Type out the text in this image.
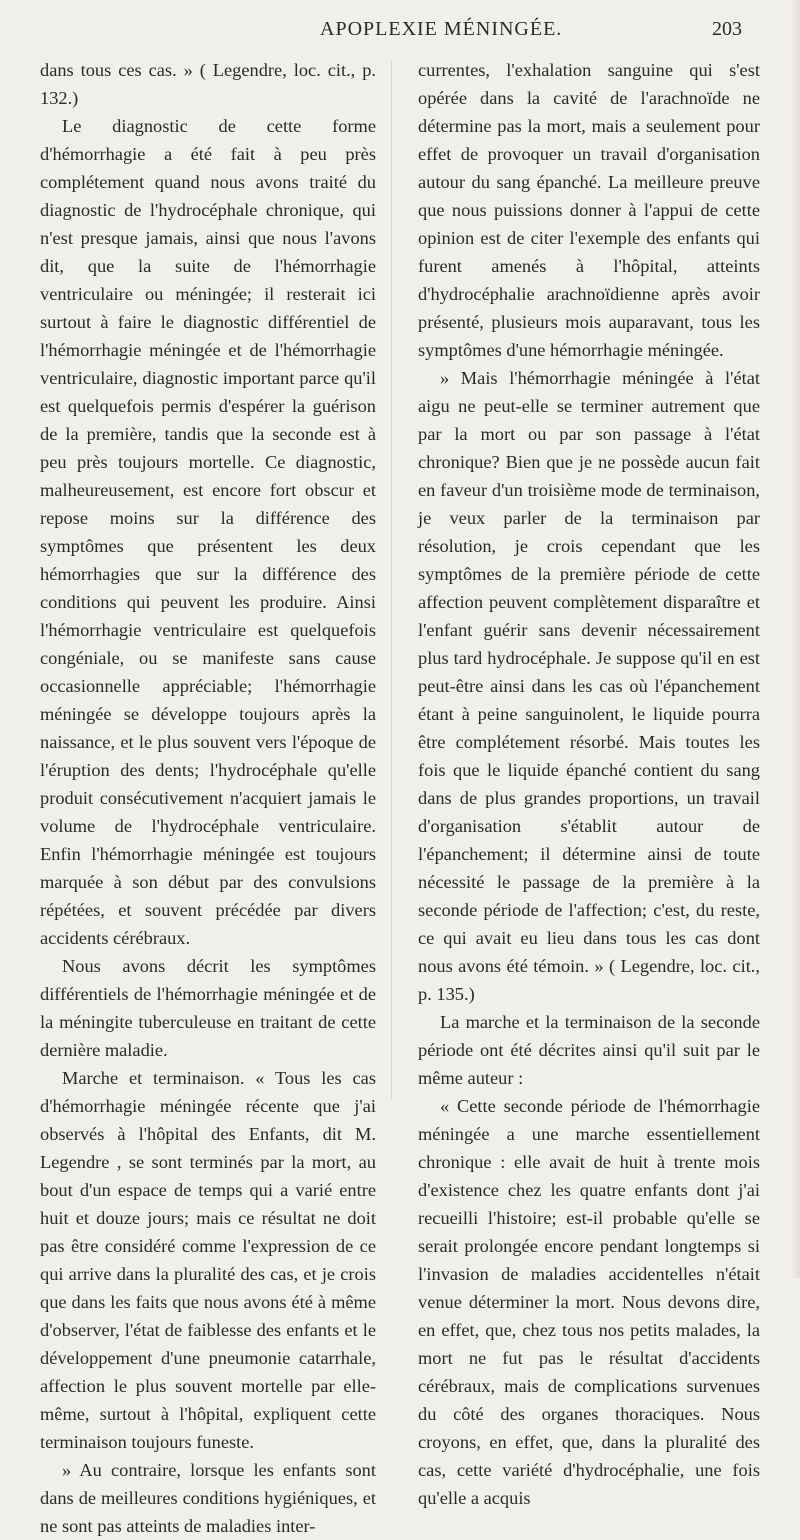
APOPLEXIE MÉNINGÉE.	203

dans tous ces cas. » ( Legendre, loc. cit., p. 132.)

Le diagnostic de cette forme d'hémorrhagie a été fait à peu près complétement quand nous avons traité du diagnostic de l'hydrocéphale chronique, qui n'est presque jamais, ainsi que nous l'avons dit, que la suite de l'hémorrhagie ventriculaire ou méningée; il resterait ici surtout à faire le diagnostic différentiel de l'hémorrhagie méningée et de l'hémorrhagie ventriculaire, diagnostic important parce qu'il est quelquefois permis d'espérer la guérison de la première, tandis que la seconde est à peu près toujours mortelle. Ce diagnostic, malheureusement, est encore fort obscur et repose moins sur la différence des symptômes que présentent les deux hémorrhagies que sur la différence des conditions qui peuvent les produire. Ainsi l'hémorrhagie ventriculaire est quelquefois congéniale, ou se manifeste sans cause occasionnelle appréciable; l'hémorrhagie méningée se développe toujours après la naissance, et le plus souvent vers l'époque de l'éruption des dents; l'hydrocéphale qu'elle produit consécutivement n'acquiert jamais le volume de l'hydrocéphale ventriculaire. Enfin l'hémorrhagie méningée est toujours marquée à son début par des convulsions répétées, et souvent précédée par divers accidents cérébraux.

Nous avons décrit les symptômes différentiels de l'hémorrhagie méningée et de la méningite tuberculeuse en traitant de cette dernière maladie.

Marche et terminaison. « Tous les cas d'hémorrhagie méningée récente que j'ai observés à l'hôpital des Enfants, dit M. Legendre , se sont terminés par la mort, au bout d'un espace de temps qui a varié entre huit et douze jours; mais ce résultat ne doit pas être considéré comme l'expression de ce qui arrive dans la pluralité des cas, et je crois que dans les faits que nous avons été à même d'observer, l'état de faiblesse des enfants et le développement d'une pneumonie catarrhale, affection le plus souvent mortelle par elle-même, surtout à l'hôpital, expliquent cette terminaison toujours funeste.

» Au contraire, lorsque les enfants sont dans de meilleures conditions hygiéniques, et ne sont pas atteints de maladies inter-

currentes, l'exhalation sanguine qui s'est opérée dans la cavité de l'arachnoïde ne détermine pas la mort, mais a seulement pour effet de provoquer un travail d'organisation autour du sang épanché. La meilleure preuve que nous puissions donner à l'appui de cette opinion est de citer l'exemple des enfants qui furent amenés à l'hôpital, atteints d'hydrocéphalie arachnoïdienne après avoir présenté, plusieurs mois auparavant, tous les symptômes d'une hémorrhagie méningée.

» Mais l'hémorrhagie méningée à l'état aigu ne peut-elle se terminer autrement que par la mort ou par son passage à l'état chronique? Bien que je ne possède aucun fait en faveur d'un troisième mode de terminaison, je veux parler de la terminaison par résolution, je crois cependant que les symptômes de la première période de cette affection peuvent complètement disparaître et l'enfant guérir sans devenir nécessairement plus tard hydrocéphale. Je suppose qu'il en est peut-être ainsi dans les cas où l'épanchement étant à peine sanguinolent, le liquide pourra être complétement résorbé. Mais toutes les fois que le liquide épanché contient du sang dans de plus grandes proportions, un travail d'organisation s'établit autour de l'épanchement; il détermine ainsi de toute nécessité le passage de la première à la seconde période de l'affection; c'est, du reste, ce qui avait eu lieu dans tous les cas dont nous avons été témoin. » ( Legendre, loc. cit., p. 135.)

La marche et la terminaison de la seconde période ont été décrites ainsi qu'il suit par le même auteur :

« Cette seconde période de l'hémorrhagie méningée a une marche essentiellement chronique : elle avait de huit à trente mois d'existence chez les quatre enfants dont j'ai recueilli l'histoire; est-il probable qu'elle se serait prolongée encore pendant longtemps si l'invasion de maladies accidentelles n'était venue déterminer la mort. Nous devons dire, en effet, que, chez tous nos petits malades, la mort ne fut pas le résultat d'accidents cérébraux, mais de complications survenues du côté des organes thoraciques. Nous croyons, en effet, que, dans la pluralité des cas, cette variété d'hydrocéphalie, une fois qu'elle a acquis
